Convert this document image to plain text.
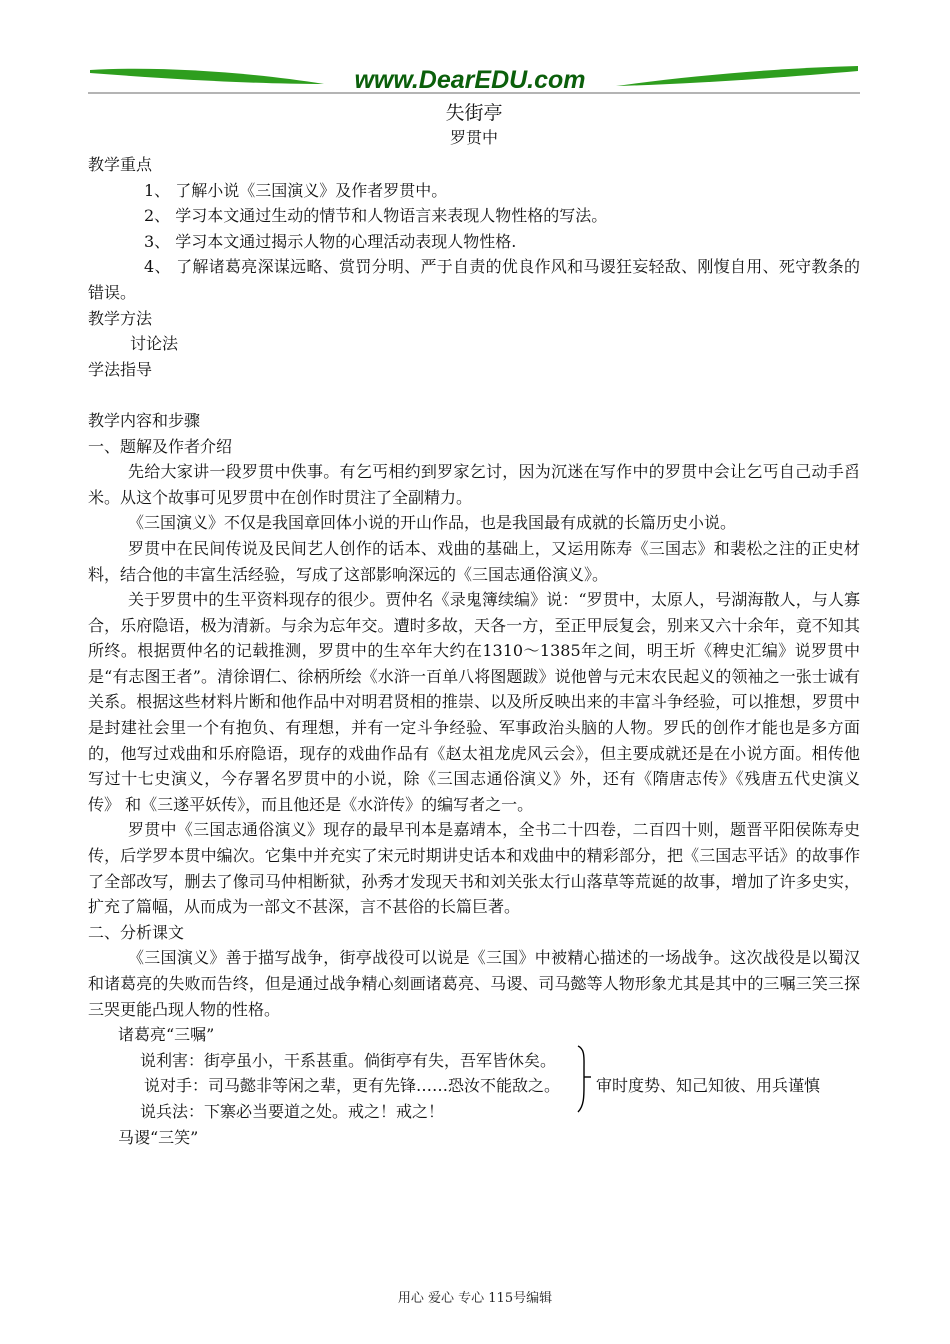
www.DearEDU.com
失街亭
罗贯中
教学重点
1、 了解小说《三国演义》及作者罗贯中。
2、 学习本文通过生动的情节和人物语言来表现人物性格的写法。
3、 学习本文通过揭示人物的心理活动表现人物性格.
4、 了解诸葛亮深谋远略、赏罚分明、严于自责的优良作风和马谡狂妄轻敌、刚愎自用、死守教条的错误。
教学方法
讨论法
学法指导
教学内容和步骤
一、题解及作者介绍
先给大家讲一段罗贯中佚事。有乞丐相约到罗家乞讨，因为沉迷在写作中的罗贯中会让乞丐自己动手舀米。从这个故事可见罗贯中在创作时贯注了全副精力。
《三国演义》不仅是我国章回体小说的开山作品，也是我国最有成就的长篇历史小说。
罗贯中在民间传说及民间艺人创作的话本、戏曲的基础上，又运用陈寿《三国志》和裴松之注的正史材料，结合他的丰富生活经验，写成了这部影响深远的《三国志通俗演义》。
关于罗贯中的生平资料现存的很少。贾仲名《录鬼簿续编》说：“罗贯中，太原人，号湖海散人，与人寡合，乐府隐语，极为清新。与余为忘年交。遭时多故，天各一方，至正甲辰复会，别来又六十余年，竟不知其所终。根据贾仲名的记载推测，罗贯中的生卒年大约在1310～1385年之间，明王圻《稗史汇编》说罗贯中是“有志图王者”。清徐谓仁、徐柄所绘《水浒一百单八将图题跋》说他曾与元末农民起义的领袖之一张士诚有关系。根据这些材料片断和他作品中对明君贤相的推崇、以及所反映出来的丰富斗争经验，可以推想，罗贯中是封建社会里一个有抱负、有理想，并有一定斗争经验、军事政治头脑的人物。罗氏的创作才能也是多方面的，他写过戏曲和乐府隐语，现存的戏曲作品有《赵太祖龙虎风云会》，但主要成就还是在小说方面。相传他写过十七史演义，今存署名罗贯中的小说，除《三国志通俗演义》外，还有《隋唐志传》《残唐五代史演义传》 和《三遂平妖传》，而且他还是《水浒传》的编写者之一。
罗贯中《三国志通俗演义》现存的最早刊本是嘉靖本，全书二十四卷，二百四十则，题晋平阳侯陈寿史传，后学罗本贯中编次。它集中并充实了宋元时期讲史话本和戏曲中的精彩部分，把《三国志平话》的故事作了全部改写，删去了像司马仲相断狱，孙秀才发现天书和刘关张太行山落草等荒诞的故事，增加了许多史实，扩充了篇幅，从而成为一部文不甚深，言不甚俗的长篇巨著。
二、分析课文
《三国演义》善于描写战争，街亭战役可以说是《三国》中被精心描述的一场战争。这次战役是以蜀汉和诸葛亮的失败而告终，但是通过战争精心刻画诸葛亮、马谡、司马懿等人物形象尤其是其中的三嘱三笑三探三哭更能凸现人物的性格。
诸葛亮“三嘱”
说利害：街亭虽小，干系甚重。倘街亭有失，吾军皆休矣。
说对手：司马懿非等闲之辈，更有先锋……恐汝不能敌之。 审时度势、知己知彼、用兵谨慎
说兵法：下寨必当要道之处。戒之！戒之！
马谡“三笑”
用心 爱心 专心 115号编辑
